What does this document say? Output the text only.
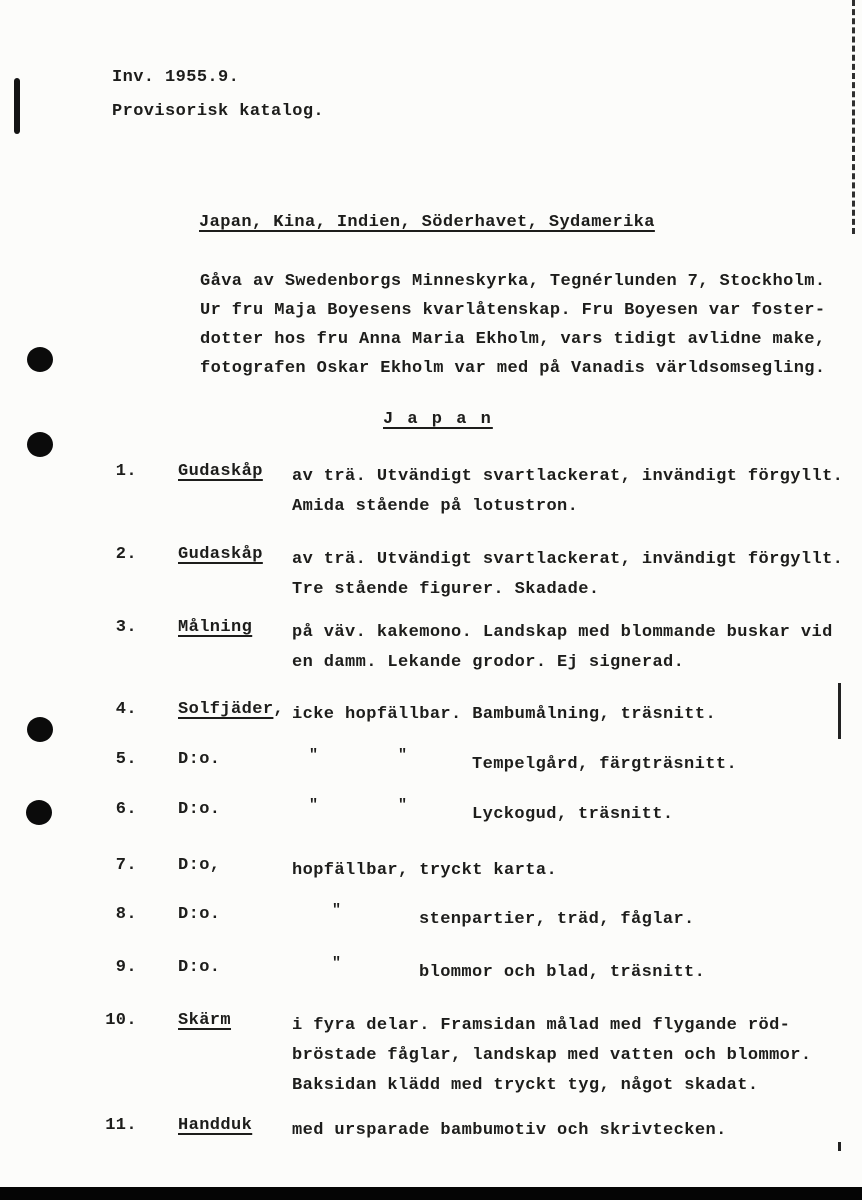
Inv. 1955.9.
Provisorisk katalog.
Japan, Kina, Indien, Söderhavet, Sydamerika
Gåva av Swedenborgs Minneskyrka, Tegnérlunden 7, Stockholm.
Ur fru Maja Boyesens kvarlåtenskap. Fru Boyesen var foster-
dotter hos fru Anna Maria Ekholm, vars tidigt avlidne make,
fotografen Oskar Ekholm var med på Vanadis världsomsegling.
J a p a n
1. Gudaskåp av trä. Utvändigt svartlackerat, invändigt förgyllt.
Amida stående på lotustron.
2. Gudaskåp av trä. Utvändigt svartlackerat, invändigt förgyllt.
Tre stående figurer. Skadade.
3. Målning på väv. kakemono. Landskap med blommande buskar vid
en damm. Lekande grodor. Ej signerad.
4. Solfjäder, icke hopfällbar. Bambumålning, träsnitt.
5. D:o.	"	"	Tempelgård, färgträsnitt.
6. D:o.	"	"	Lyckogud, träsnitt.
7. D:o,	hopfällbar, tryckt karta.
8. D:o.	"	stenpartier, träd, fåglar.
9. D:o.	"	blommor och blad, träsnitt.
10. Skärm	i fyra delar. Framsidan målad med flygande röd-
bröstade fåglar, landskap med vatten och blommor.
Baksidan klädd med tryckt tyg, något skadat.
11. Handduk med ursparade bambumotiv och skrivtecken.
